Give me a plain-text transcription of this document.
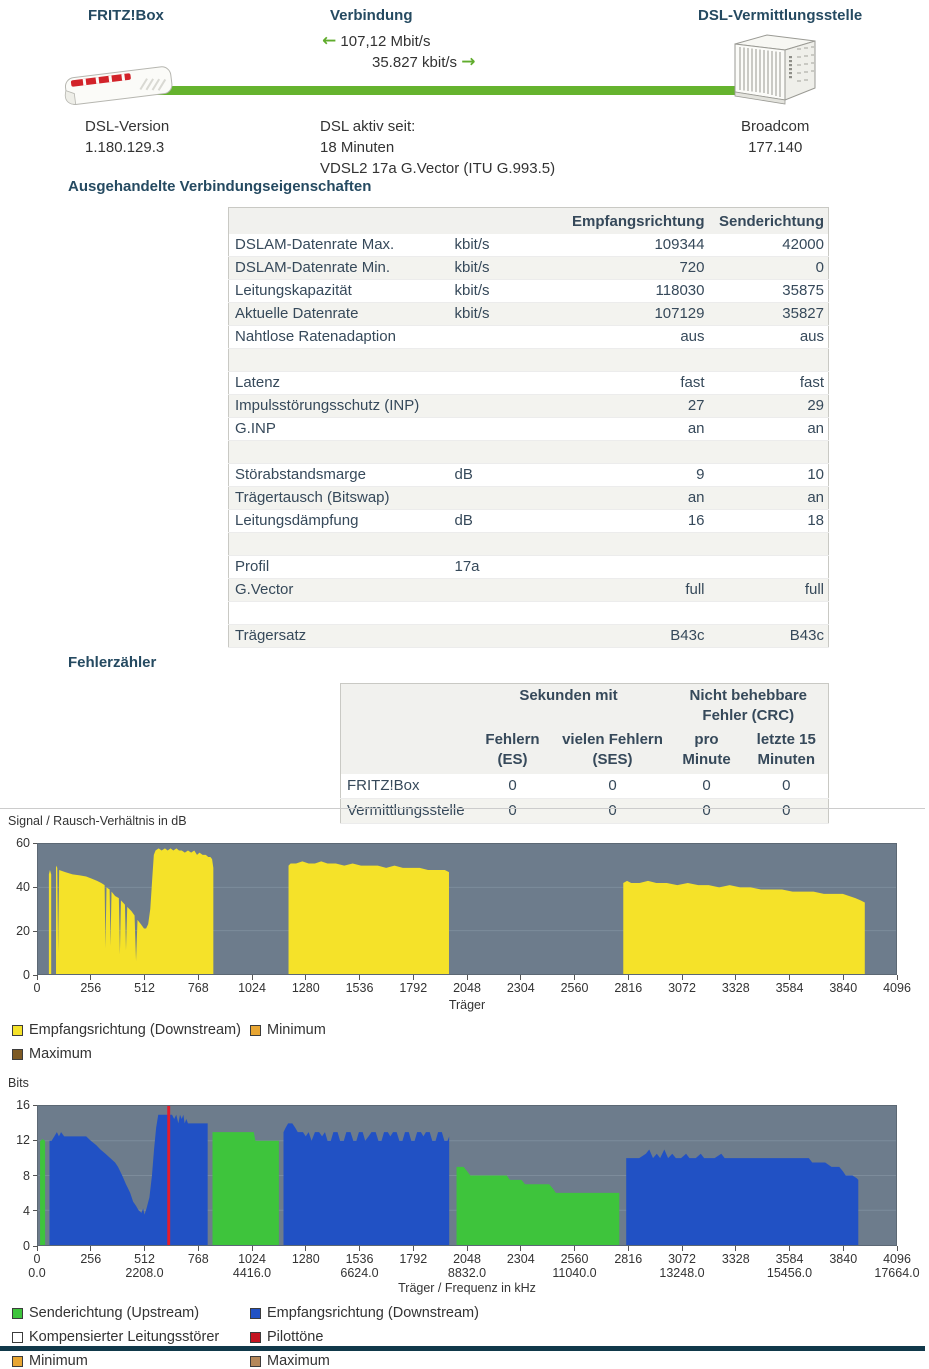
FRITZ!Box	Verbindung	DSL-Vermittlungsstelle
← 107,12 Mbit/s
35.827 kbit/s →
DSL-Version
1.180.129.3
DSL aktiv seit:
18 Minuten
VDSL2 17a G.Vector (ITU G.993.5)
Broadcom
177.140
Ausgehandelte Verbindungseigenschaften
		Empfangsrichtung	Senderichtung
DSLAM-Datenrate Max.	kbit/s	109344	42000
DSLAM-Datenrate Min.	kbit/s	720	0
Leitungskapazität	kbit/s	118030	35875
Aktuelle Datenrate	kbit/s	107129	35827
Nahtlose Ratenadaption		aus	aus

Latenz		fast	fast
Impulsstörungsschutz (INP)		27	29
G.INP		an	an

Störabstandsmarge	dB	9	10
Trägertausch (Bitswap)		an	an
Leitungsdämpfung	dB	16	18

Profil	17a		
G.Vector		full	full

Trägersatz		B43c	B43c
Fehlerzähler
	Sekunden mit		Nicht behebbare Fehler (CRC)	
	Fehlern (ES)	vielen Fehlern (SES)	pro Minute	letzte 15 Minuten
FRITZ!Box	0	0	0	0
Vermittlungsstelle	0	0	0	0
Signal / Rausch-Verhältnis in dB
0
20
40
60
0	256	512	768	1024	1280	1536	1792	2048	2304	2560	2816	3072	3328	3584	3840	4096
Träger
Empfangsrichtung (Downstream) Minimum
Maximum
Bits
0
4
8
12
16
0
0.0
256	512
2208.0
768	1024
4416.0
1280	1536
6624.0
1792	2048
8832.0
2304	2560
11040.0
2816	3072
13248.0
3328	3584
15456.0
3840	4096
17664.0
Träger / Frequenz in kHz
Senderichtung (Upstream)	Empfangsrichtung (Downstream)
Kompensierter Leitungsstörer	Pilottöne
Minimum	Maximum
